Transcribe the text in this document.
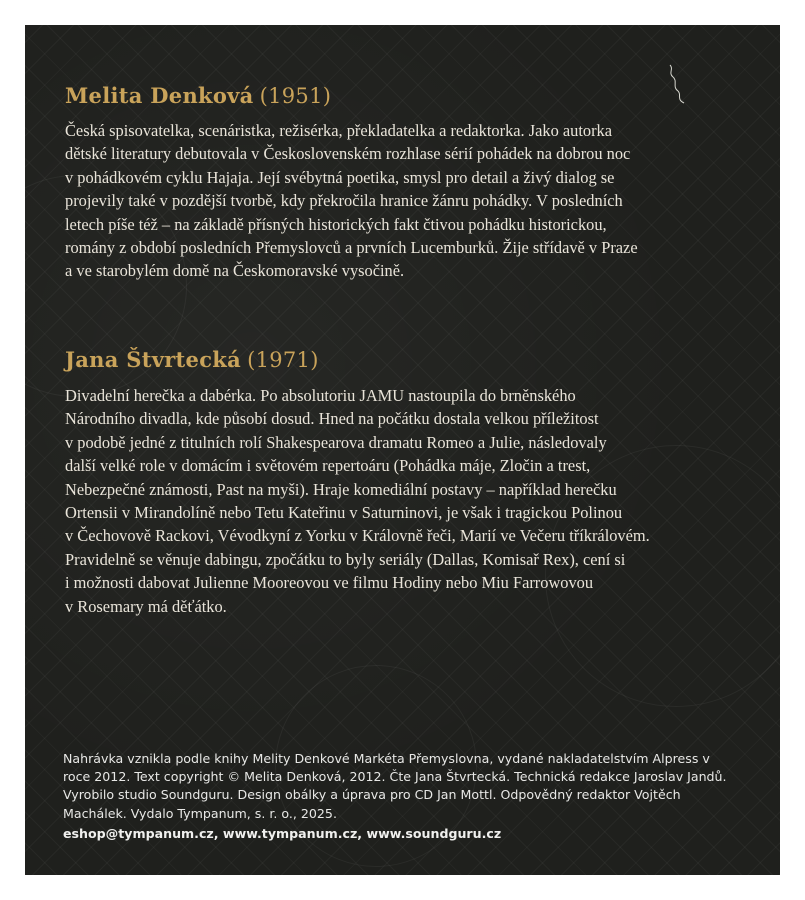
Melita Denková (1951)

Česká spisovatelka, scenáristka, režisérka, překladatelka a redaktorka. Jako autorka
dětské literatury debutovala v Československém rozhlase sérií pohádek na dobrou noc
v pohádkovém cyklu Hajaja. Její svébytná poetika, smysl pro detail a živý dialog se
projevily také v pozdější tvorbě, kdy překročila hranice žánru pohádky. V posledních
letech píše též – na základě přísných historických fakt čtivou pohádku historickou,
romány z období posledních Přemyslovců a prvních Lucemburků. Žije střídavě v Praze
a ve starobylém domě na Českomoravské vysočině.

Jana Štvrtecká (1971)

Divadelní herečka a dabérka. Po absolutoriu JAMU nastoupila do brněnského
Národního divadla, kde působí dosud. Hned na počátku dostala velkou příležitost
v podobě jedné z titulních rolí Shakespearova dramatu Romeo a Julie, následovaly
další velké role v domácím i světovém repertoáru (Pohádka máje, Zločin a trest,
Nebezpečné známosti, Past na myši). Hraje komediální postavy – například herečku
Ortensii v Mirandolíně nebo Tetu Kateřinu v Saturninovi, je však i tragickou Polinou
v Čechovově Rackovi, Vévodkyní z Yorku v Královně řeči, Marií ve Večeru tříkrálovém.
Pravidelně se věnuje dabingu, zpočátku to byly seriály (Dallas, Komisař Rex), cení si
i možnosti dabovat Julienne Mooreovou ve filmu Hodiny nebo Miu Farrowovou
v Rosemary má děťátko.

Nahrávka vznikla podle knihy Melity Denkové Markéta Přemyslovna, vydané nakladatelstvím Alpress v
roce 2012. Text copyright © Melita Denková, 2012. Čte Jana Štvrtecká. Technická redakce Jaroslav Jandů.
Vyrobilo studio Soundguru. Design obálky a úprava pro CD Jan Mottl. Odpovědný redaktor Vojtěch
Machálek. Vydalo Tympanum, s. r. o., 2025.

eshop@tympanum.cz, www.tympanum.cz, www.soundguru.cz
